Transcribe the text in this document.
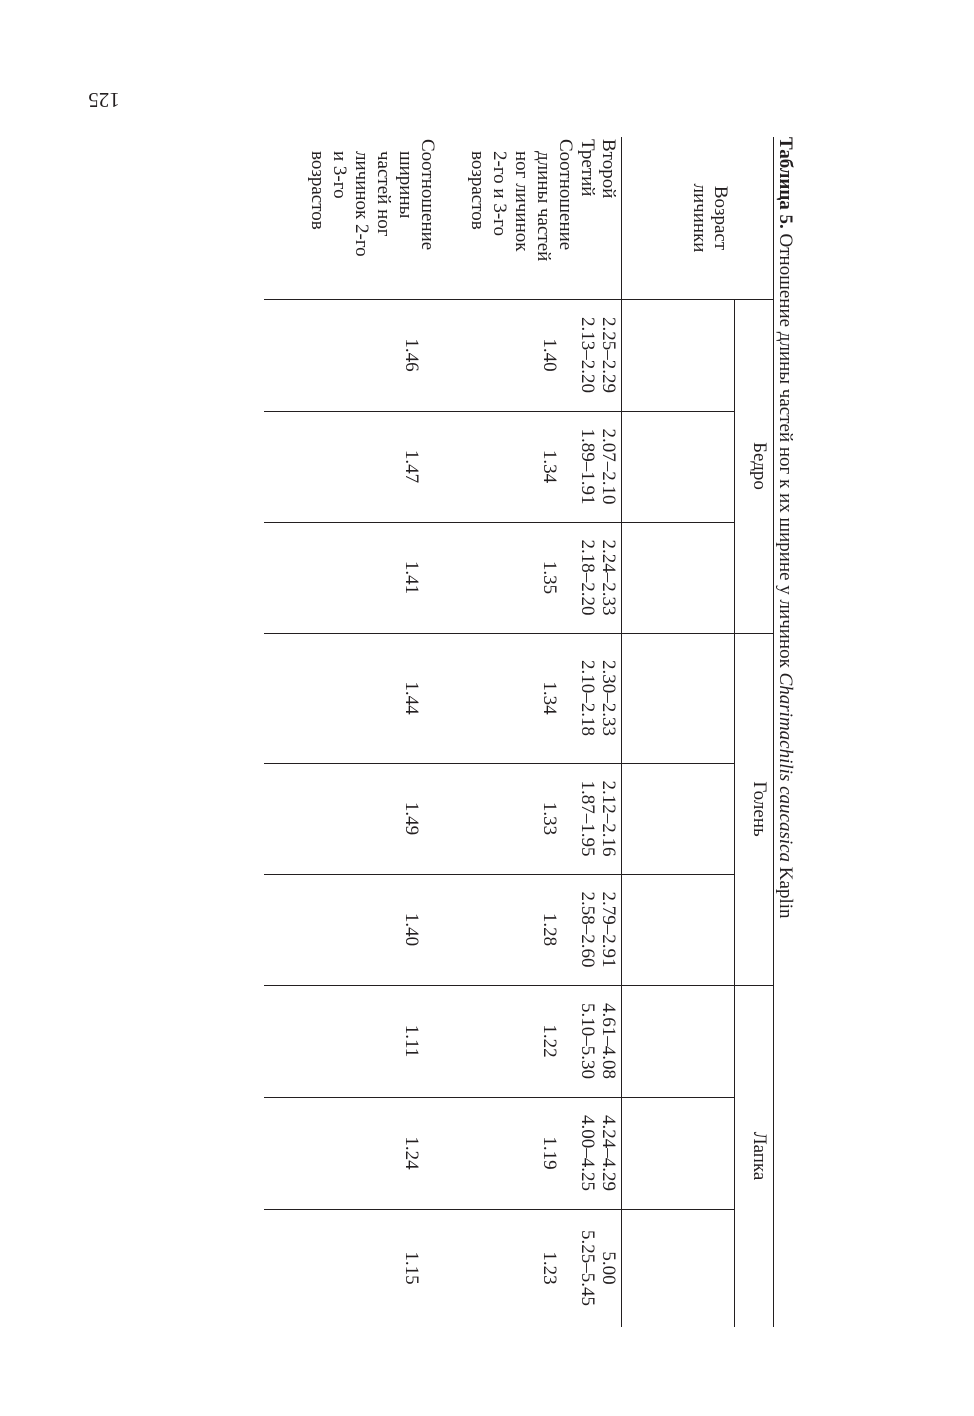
125
Таблица 5. Отношение длины частей ног к их ширине у личинок Charimachilis caucasica Kaplin
Возраст
личинки
Бедро
Голень
Лапка
Второй
2.25–2.29
2.07–2.10
2.24–2.33
2.30–2.33
2.12–2.16
2.79–2.91
4.61–4.08
4.24–4.29
5.00
Третий
2.13–2.20
1.89–1.91
2.18–2.20
2.10–2.18
1.87–1.95
2.58–2.60
5.10–5.30
4.00–4.25
5.25–5.45
Соотношение
длины частей
ног личинок
2-го и 3-го
возрастов
1.40
1.34
1.35
1.34
1.33
1.28
1.22
1.19
1.23
Соотношение
ширины
частей ног
личинок 2-го
и 3-го
возрастов
1.46
1.47
1.41
1.44
1.49
1.40
1.11
1.24
1.15
